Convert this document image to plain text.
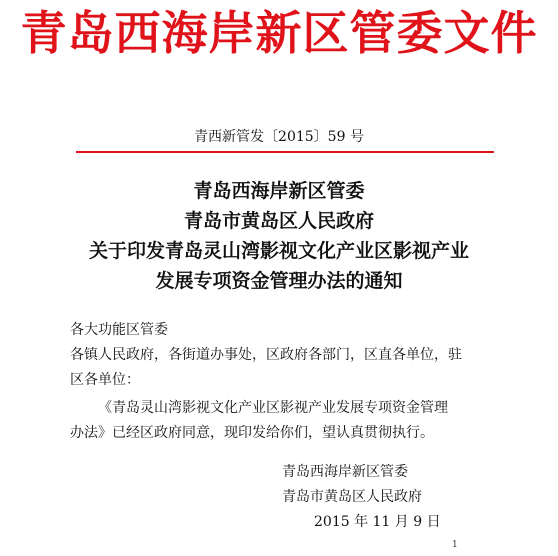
青岛西海岸新区管委文件
青西新管发〔2015〕59 号
青岛西海岸新区管委
青岛市黄岛区人民政府
关于印发青岛灵山湾影视文化产业区影视产业
发展专项资金管理办法的通知
各大功能区管委
各镇人民政府，各街道办事处，区政府各部门，区直各单位，驻
区各单位：

《青岛灵山湾影视文化产业区影视产业发展专项资金管理

办法》已经区政府同意，现印发给你们，望认真贯彻执行。
青岛西海岸新区管委
青岛市黄岛区人民政府
2015 年 11 月 9 日
1
